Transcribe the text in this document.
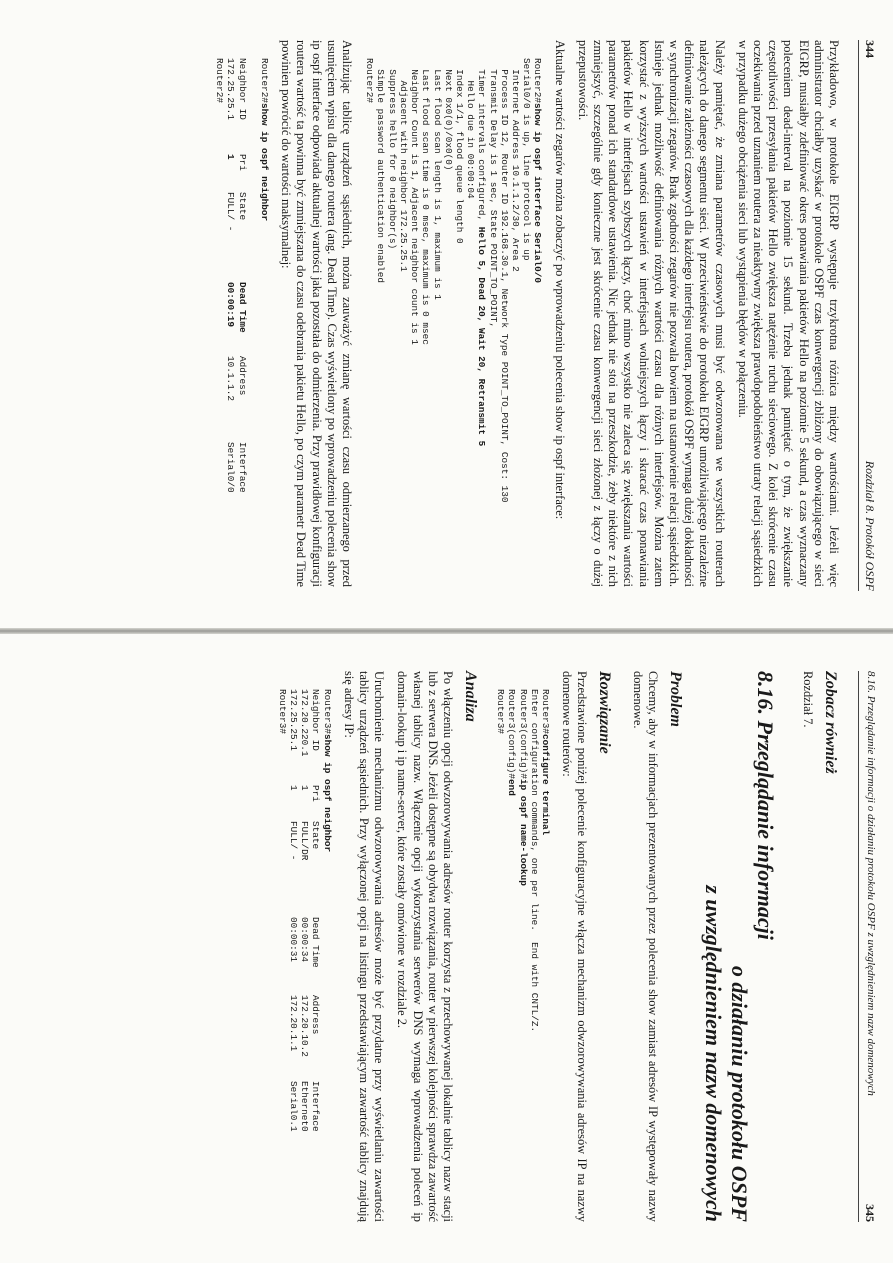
344
Rozdział 8. Protokół OSPF

Przykładowo, w protokole EIGRP występuje trzykrotna różnica między wartościami. Jeżeli więc administrator chciałby uzyskać w protokole OSPF czas konwergencji zbliżony do obowiązującego w sieci EIGRP, musiałby zdefiniować okres ponawiania pakietów Hello na poziomie 5 sekund, a czas wyznaczany poleceniem dead-interval na poziomie 15 sekund. Trzeba jednak pamiętać o tym, że zwiększanie częstotliwości przesyłania pakietów Hello zwiększa natężenie ruchu sieciowego. Z kolei skrócenie czasu oczekiwania przed uznaniem routera za nieaktywny zwiększa prawdopodobieństwo utraty relacji sąsiedzkich w przypadku dużego obciążenia sieci lub wystąpienia błędów w połączeniu.

Należy pamiętać, że zmiana parametrów czasowych musi być odwzorowana we wszystkich routerach należących do danego segmentu sieci. W przeciwieństwie do protokołu EIGRP umożliwiającego niezależne definiowanie zależności czasowych dla każdego interfejsu routera, protokół OSPF wymaga dużej dokładności w synchronizacji zegarów. Brak zgodności zegarów nie pozwala bowiem na ustanowienie relacji sąsiedzkich. Istnieje jednak możliwość definiowania różnych wartości czasu dla różnych interfejsów. Można zatem korzystać z wyższych wartości ustawień w interfejsach wolniejszych łączy i skracać czas ponawiania pakietów Hello w interfejsach szybszych łączy, choć mimo wszystko nie zaleca się zwiększania wartości parametrów ponad ich standardowe ustawienia. Nic jednak nie stoi na przeszkodzie, żeby niektóre z nich zmniejszyć, szczególnie gdy konieczne jest skrócenie czasu konwergencji sieci złożonej z łączy o dużej przepustowości.

Aktualne wartości zegarów można zobaczyć po wprowadzeniu polecenia show ip ospf interface:

Router2#show ip ospf interface Serial0/0
Serial0/0 is up, line protocol is up
Internet Address 10.1.1.2/30, Area 2
Process ID 12, Router ID 192.168.30.1, Network Type POINT_TO_POINT, Cost: 130
Transmit Delay is 1 sec, State POINT_TO_POINT,
Timer intervals configured, Hello 5, Dead 20, Wait 20, Retransmit 5
Hello due in 00:00:04
Index 1/1, flood queue length 0
Next 0x0(0)/0x0(0)
Last flood scan length is 1, maximum is 1
Last flood scan time is 0 msec, maximum is 0 msec
Neighbor Count is 1, Adjacent neighbor count is 1
Adjacent with neighbor 172.25.25.1
Suppress hello for 0 neighbor(s)
Simple password authentication enabled
Router2#

Analizując tablicę urządzeń sąsiednich, można zauważyć zmianę wartości czasu odmierzanego przed usunięciem wpisu dla danego routera (ang. Dead Time). Czas wyświetlony po wprowadzeniu polecenia show ip ospf interface odpowiada aktualnej wartości jaka pozostała do odmierzenia. Przy prawidłowej konfiguracji routera wartość ta powinna być zmniejszana do czasu odebrania pakietu Hello, po czym parametr Dead Time powinien powrócić do wartości maksymalnej:

Router2#show ip ospf neighbor

Neighbor IDPriStateDead TimeAddressInterface
172.25.25.11FULL/ -00:00:1910.1.1.2Serial0/0
Router2#
8.16. Przeglądanie informacji o działaniu protokołu OSPF z uwzględnieniem nazw domenowych
345
Zobacz również

Rozdział 7.

8.16. Przeglądanie informacji
o działaniu protokołu OSPF
z uwzględnieniem nazw domenowych
Problem

Chcemy, aby w informacjach prezentowanych przez polecenia show zamiast adresów IP występowały nazwy domenowe.

Rozwiązanie

Przedstawione poniżej polecenie konfiguracyjne włącza mechanizm odwzorowywania adresów IP na nazwy domenowe routerów:

Router3#configure terminal
Enter configuration commands, one per line.  End with CNTL/Z.
Router3(config)#ip ospf name-lookup
Router3(config)#end
Router3#
Analiza

Po włączeniu opcji odwzorowywania adresów router korzysta z przechowywanej lokalnie tablicy nazw stacji lub z serwera DNS. Jeżeli dostępne są obydwa rozwiązania, router w pierwszej kolejności sprawdza zawartość własnej tablicy nazw. Włączenie opcji wykorzystania serwerów DNS wymaga wprowadzenia poleceń ip domain-lookup i ip name-server, które zostały omówione w rozdziale 2.

Uruchomienie mechanizmu odwzorowywania adresów może być przydatne przy wyświetlaniu zawartości tablicy urządzeń sąsiednich. Przy wyłączonej opcji na listingu przedstawiającym zawartość tablicy znajdują się adresy IP:

Router3#show ip ospf neighbor
Neighbor IDPriStateDead TimeAddressInterface
172.20.220.11FULL/DR00:00:34172.20.10.2Ethernet0
172.25.25.11FULL/ -00:00:31172.20.1.1Serial0.1
Router3#
